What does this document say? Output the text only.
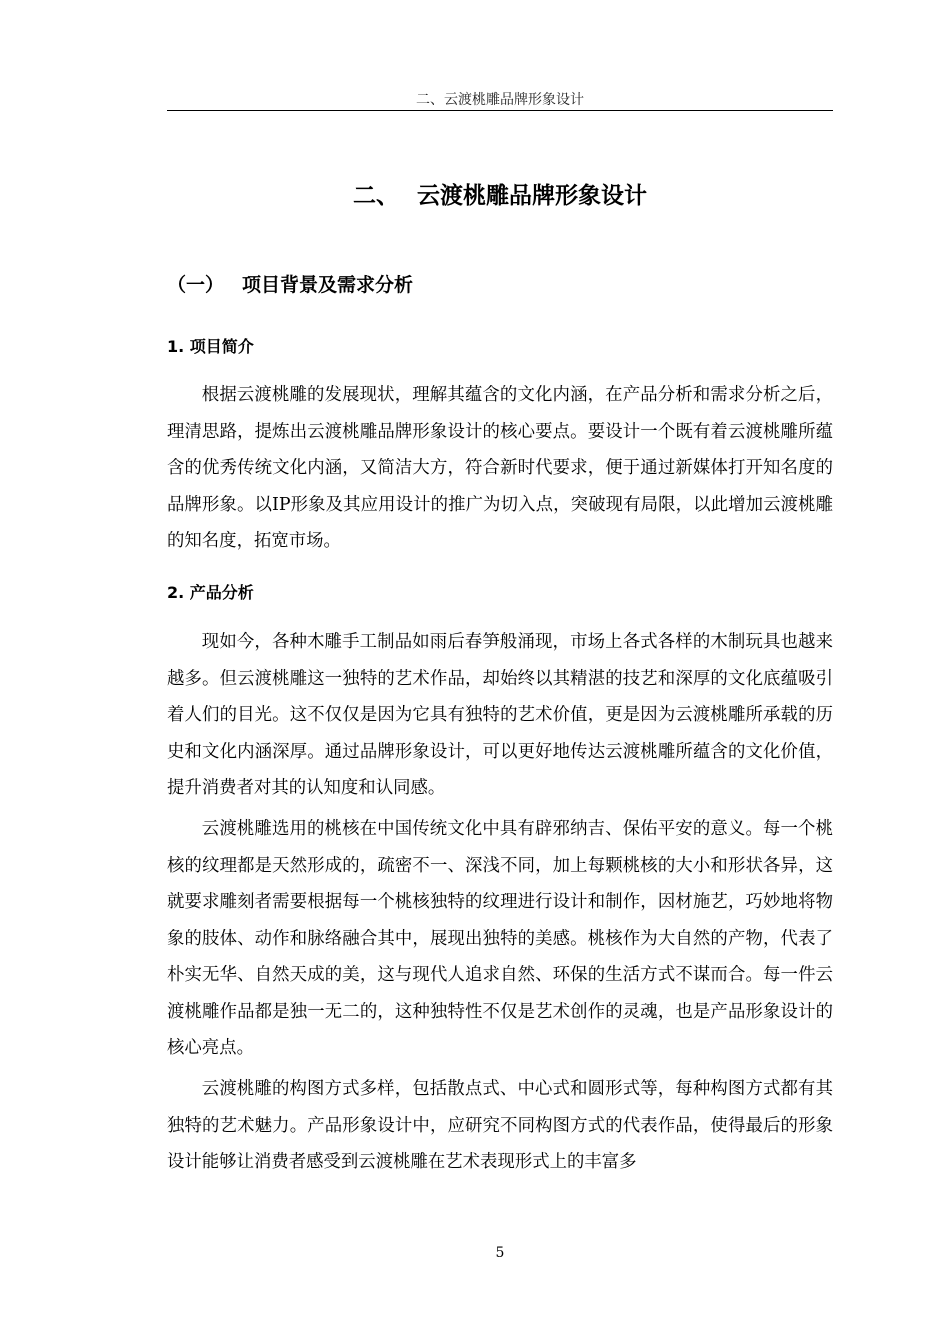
二、云渡桃雕品牌形象设计
二、 云渡桃雕品牌形象设计
（一） 项目背景及需求分析
1. 项目简介
根据云渡桃雕的发展现状，理解其蕴含的文化内涵，在产品分析和需求分析之后，理清思路，提炼出云渡桃雕品牌形象设计的核心要点。要设计一个既有着云渡桃雕所蕴含的优秀传统文化内涵，又简洁大方，符合新时代要求，便于通过新媒体打开知名度的品牌形象。以IP形象及其应用设计的推广为切入点，突破现有局限，以此增加云渡桃雕的知名度，拓宽市场。
2. 产品分析
现如今，各种木雕手工制品如雨后春笋般涌现，市场上各式各样的木制玩具也越来越多。但云渡桃雕这一独特的艺术作品，却始终以其精湛的技艺和深厚的文化底蕴吸引着人们的目光。这不仅仅是因为它具有独特的艺术价值，更是因为云渡桃雕所承载的历史和文化内涵深厚。通过品牌形象设计，可以更好地传达云渡桃雕所蕴含的文化价值，提升消费者对其的认知度和认同感。
云渡桃雕选用的桃核在中国传统文化中具有辟邪纳吉、保佑平安的意义。每一个桃核的纹理都是天然形成的，疏密不一、深浅不同，加上每颗桃核的大小和形状各异，这就要求雕刻者需要根据每一个桃核独特的纹理进行设计和制作，因材施艺，巧妙地将物象的肢体、动作和脉络融合其中，展现出独特的美感。桃核作为大自然的产物，代表了朴实无华、自然天成的美，这与现代人追求自然、环保的生活方式不谋而合。每一件云渡桃雕作品都是独一无二的，这种独特性不仅是艺术创作的灵魂，也是产品形象设计的核心亮点。
云渡桃雕的构图方式多样，包括散点式、中心式和圆形式等，每种构图方式都有其独特的艺术魅力。产品形象设计中，应研究不同构图方式的代表作品，使得最后的形象设计能够让消费者感受到云渡桃雕在艺术表现形式上的丰富多
5
